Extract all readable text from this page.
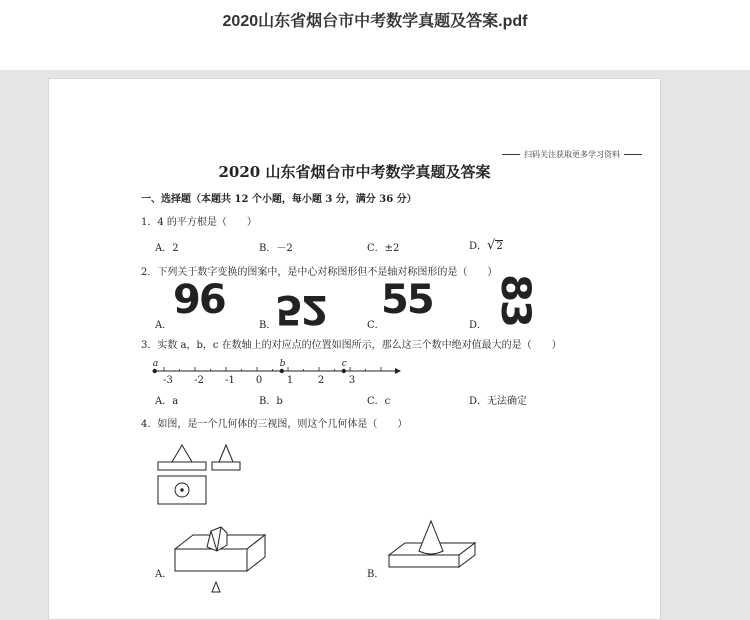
2020山东省烟台市中考数学真题及答案.pdf
扫码关注获取更多学习资料
2020 山东省烟台市中考数学真题及答案
一、选择题（本题共 12 个小题，每小题 3 分，满分 36 分）
1．4 的平方根是（　　）
A．2	B．－2	C．±2	D．√2
2．下列关于数字变换的图案中，是中心对称图形但不是轴对称图形的是（　　）
96 52 55 83
A．	B．	C．	D．
3．实数 a，b，c 在数轴上的对应点的位置如图所示，那么这三个数中绝对值最大的是（　　）
-3 -2 -1 0 1 2 3
a	b	c
A．a	B．b	C．c	D．无法确定
4．如图，是一个几何体的三视图，则这个几何体是（　　）
A．	B．
